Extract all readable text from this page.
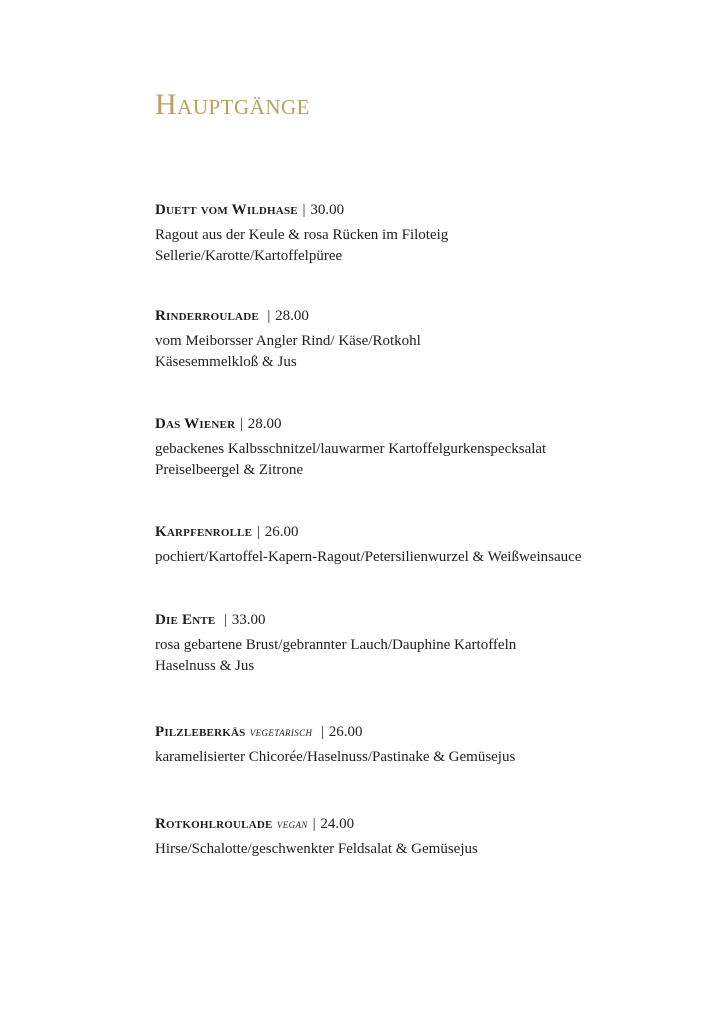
Hauptgänge
Duett vom Wildhase | 30.00
Ragout aus der Keule & rosa Rücken im Filoteig
Sellerie/Karotte/Kartoffelpüree
Rinderroulade  | 28.00
vom Meiborsser Angler Rind/ Käse/Rotkohl
Käsesemmelkloß & Jus
Das Wiener | 28.00
gebackenes Kalbsschnitzel/lauwarmer Kartoffelgurkenspecksalat
Preiselbeergel & Zitrone
Karpfenrolle | 26.00
pochiert/Kartoffel-Kapern-Ragout/Petersilienwurzel & Weißweinsauce
Die Ente  | 33.00
rosa gebartene Brust/gebrannter Lauch/Dauphine Kartoffeln
Haselnuss & Jus
Pilzleberkäs vegetarisch  | 26.00
karamelisierter Chicorée/Haselnuss/Pastinake & Gemüsejus
Rotkohlroulade vegan | 24.00
Hirse/Schalotte/geschwenkter Feldsalat & Gemüsejus
